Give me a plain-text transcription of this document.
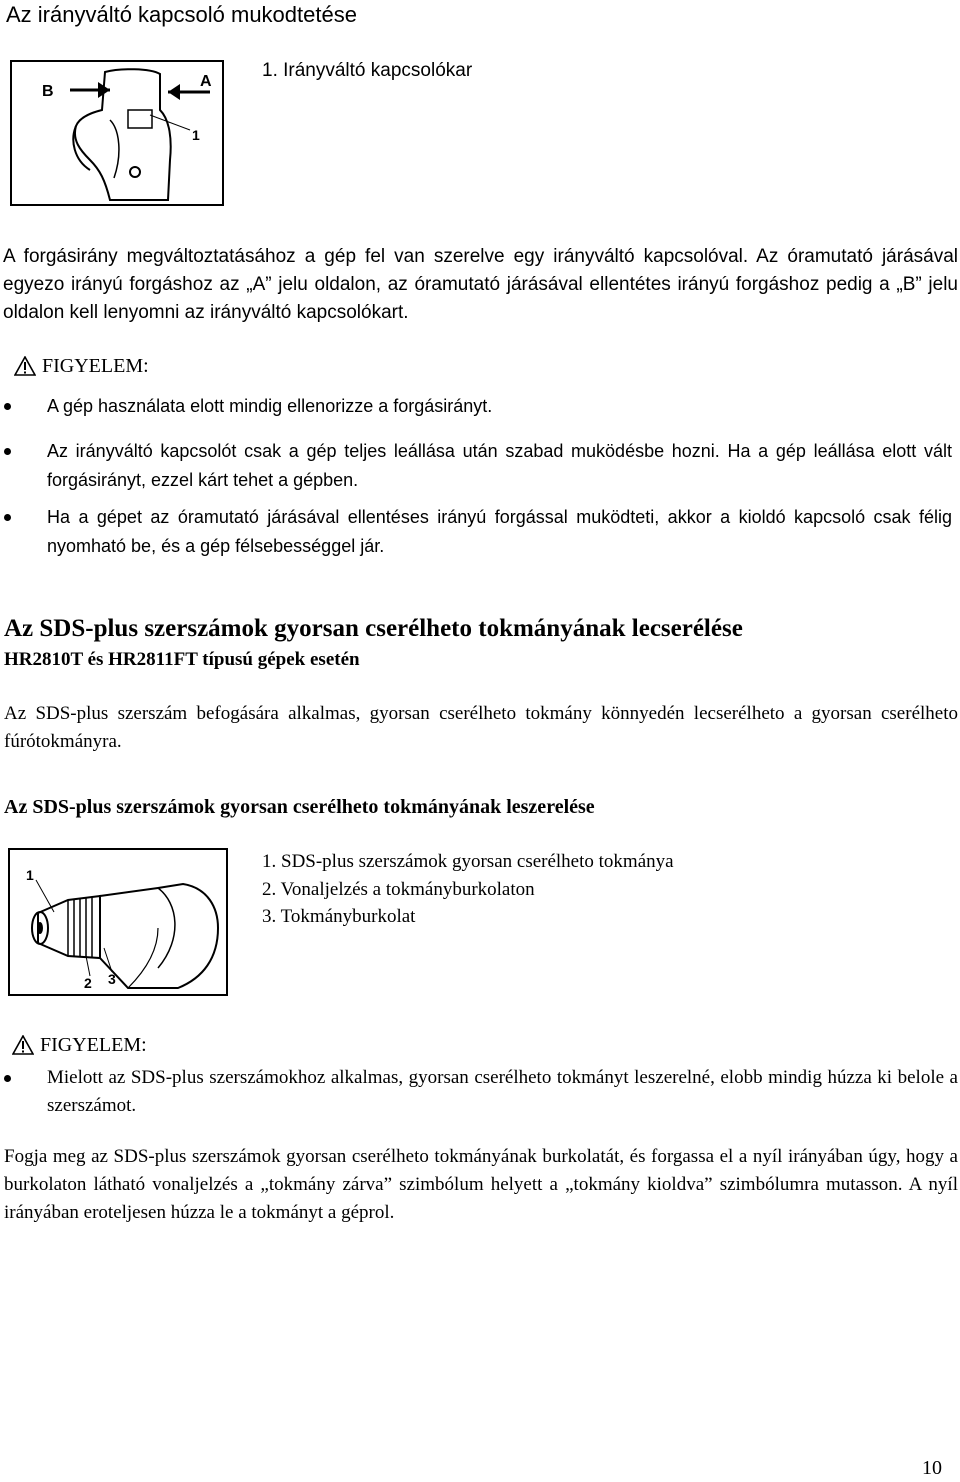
Az irányváltó kapcsoló mukodtetése
B
A
1
1. Irányváltó kapcsolókar
A forgásirány megváltoztatásához a gép fel van szerelve egy irányváltó kapcsolóval. Az óramutató járásával egyezo irányú forgáshoz az „A” jelu oldalon, az óramutató járásával ellentétes irányú forgáshoz pedig a „B” jelu oldalon kell lenyomni az irányváltó kapcsolókart.
FIGYELEM:
A gép használata elott mindig ellenorizze a forgásirányt.
Az irányváltó kapcsolót csak a gép teljes leállása után szabad muködésbe hozni. Ha a gép leállása elott vált forgásirányt, ezzel kárt tehet a gépben.
Ha a gépet az óramutató járásával ellentéses irányú forgással muködteti, akkor a kioldó kapcsoló csak félig nyomható be, és a gép félsebességgel jár.
Az SDS-plus szerszámok gyorsan cserélheto tokmányának lecserélése
HR2810T és HR2811FT típusú gépek esetén
Az SDS-plus szerszám befogására alkalmas, gyorsan cserélheto tokmány könnyedén lecserélheto a gyorsan cserélheto fúrótokmányra.
Az SDS-plus szerszámok gyorsan cserélheto tokmányának leszerelése
1
2 3
1. SDS-plus szerszámok gyorsan cserélheto tokmánya
2. Vonaljelzés a tokmányburkolaton
3. Tokmányburkolat
FIGYELEM:
Mielott az SDS-plus szerszámokhoz alkalmas, gyorsan cserélheto tokmányt leszerelné, elobb mindig húzza ki belole a szerszámot.
Fogja meg az SDS-plus szerszámok gyorsan cserélheto tokmányának burkolatát, és forgassa el a nyíl irányában úgy, hogy a burkolaton látható vonaljelzés a „tokmány zárva” szimbólum helyett a „tokmány kioldva” szimbólumra mutasson. A nyíl irányában eroteljesen húzza le a tokmányt a géprol.
10
